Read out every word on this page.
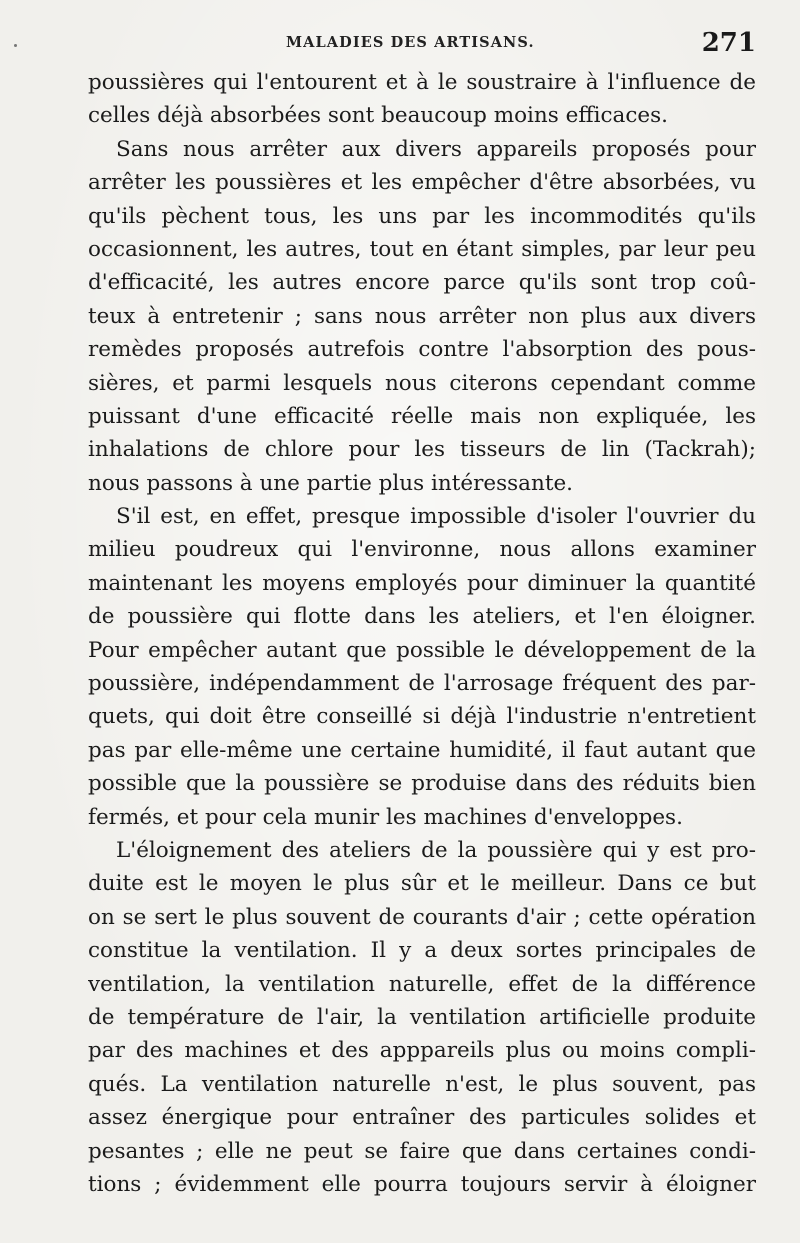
MALADIES DES ARTISANS.	271
poussières qui l'entourent et à le soustraire à l'influence de
celles déjà absorbées sont beaucoup moins efficaces.
Sans nous arrêter aux divers appareils proposés pour
arrêter les poussières et les empêcher d'être absorbées, vu
qu'ils pèchent tous, les uns par les incommodités qu'ils
occasionnent, les autres, tout en étant simples, par leur peu
d'efficacité, les autres encore parce qu'ils sont trop coû-
teux à entretenir ; sans nous arrêter non plus aux divers
remèdes proposés autrefois contre l'absorption des pous-
sières, et parmi lesquels nous citerons cependant comme
puissant d'une efficacité réelle mais non expliquée, les
inhalations de chlore pour les tisseurs de lin (Tackrah);
nous passons à une partie plus intéressante.
S'il est, en effet, presque impossible d'isoler l'ouvrier du
milieu poudreux qui l'environne, nous allons examiner
maintenant les moyens employés pour diminuer la quantité
de poussière qui flotte dans les ateliers, et l'en éloigner.
Pour empêcher autant que possible le développement de la
poussière, indépendamment de l'arrosage fréquent des par-
quets, qui doit être conseillé si déjà l'industrie n'entretient
pas par elle-même une certaine humidité, il faut autant que
possible que la poussière se produise dans des réduits bien
fermés, et pour cela munir les machines d'enveloppes.
L'éloignement des ateliers de la poussière qui y est pro-
duite est le moyen le plus sûr et le meilleur. Dans ce but
on se sert le plus souvent de courants d'air ; cette opération
constitue la ventilation. Il y a deux sortes principales de
ventilation, la ventilation naturelle, effet de la différence
de température de l'air, la ventilation artificielle produite
par des machines et des apppareils plus ou moins compli-
qués. La ventilation naturelle n'est, le plus souvent, pas
assez énergique pour entraîner des particules solides et
pesantes ; elle ne peut se faire que dans certaines condi-
tions ; évidemment elle pourra toujours servir à éloigner
